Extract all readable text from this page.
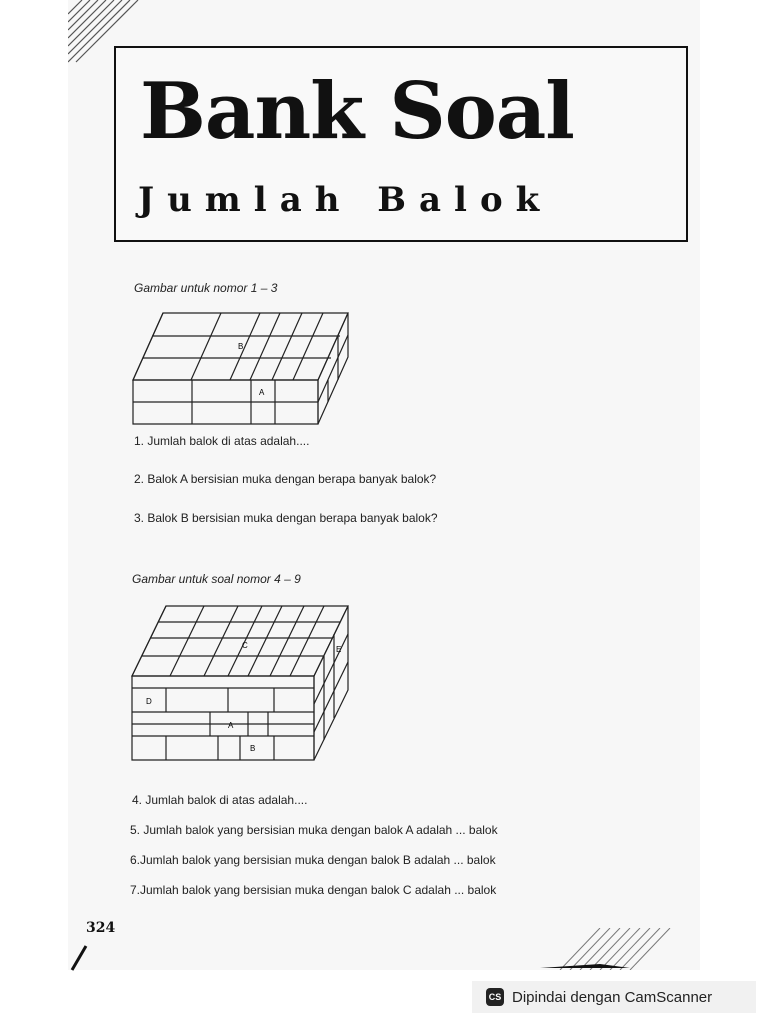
Bank Soal
Jumlah Balok
Gambar untuk nomor 1 – 3
B
A
1. Jumlah balok di atas adalah....
2. Balok A bersisian muka dengan berapa banyak balok?
3. Balok B bersisian muka dengan berapa banyak balok?
Gambar untuk soal nomor 4 – 9
C	E
D
A
B
4. Jumlah balok di atas adalah....
5. Jumlah balok yang bersisian muka dengan balok A adalah ... balok
6.Jumlah balok yang bersisian muka dengan balok B adalah ... balok
7.Jumlah balok yang bersisian muka dengan balok C adalah ... balok
324
CS Dipindai dengan CamScanner
